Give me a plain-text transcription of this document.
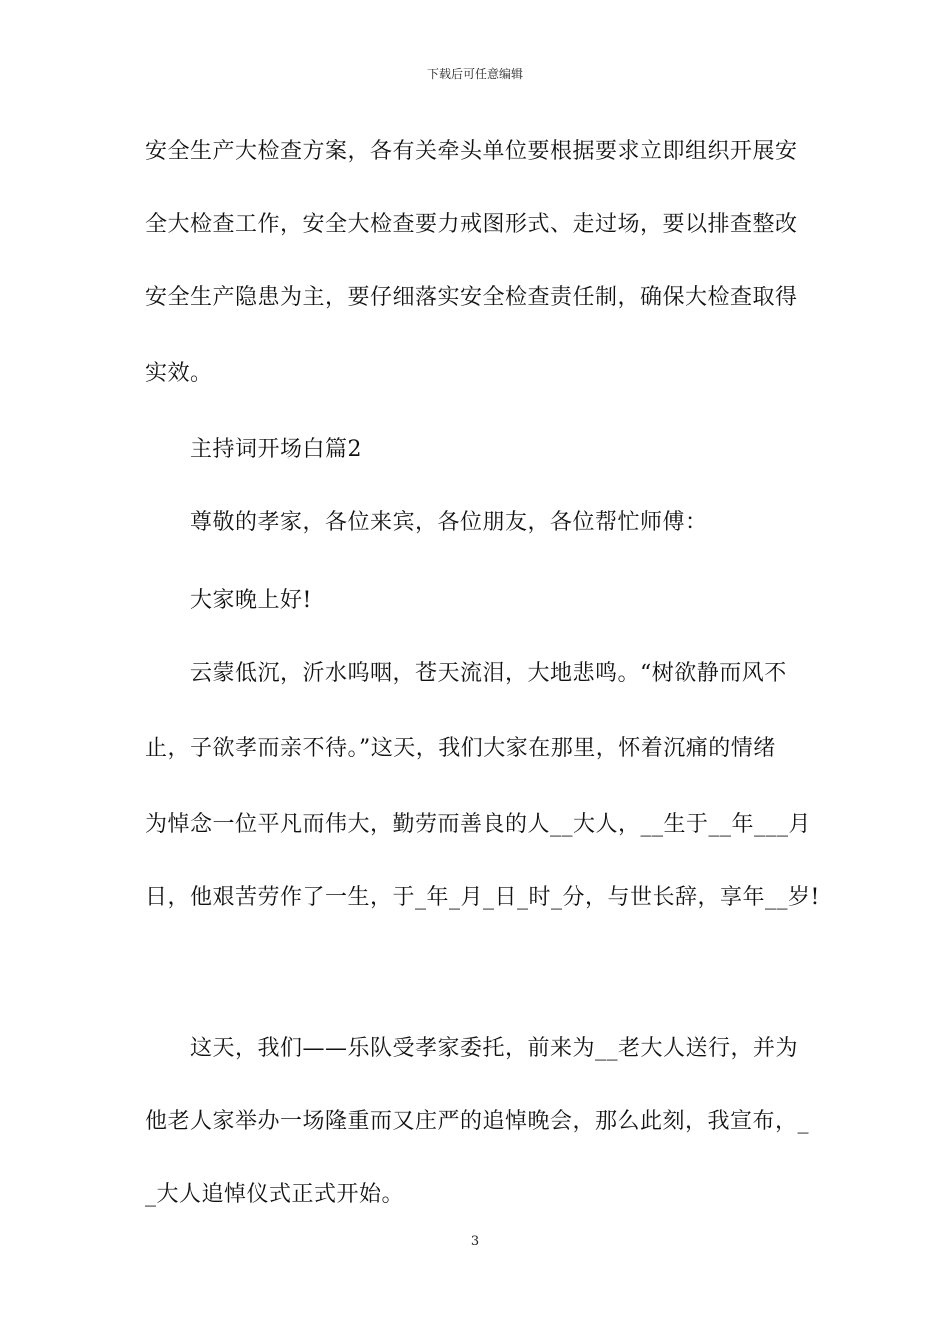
下载后可任意编辑
安全生产大检查方案，各有关牵头单位要根据要求立即组织开展安
全大检查工作，安全大检查要力戒图形式、走过场，要以排查整改
安全生产隐患为主，要仔细落实安全检查责任制，确保大检查取得
实效。
主持词开场白篇2
尊敬的孝家，各位来宾，各位朋友，各位帮忙师傅：
大家晚上好!
云蒙低沉，沂水呜咽，苍天流泪，大地悲鸣。“树欲静而风不
止，子欲孝而亲不待。”这天，我们大家在那里，怀着沉痛的情绪
为悼念一位平凡而伟大，勤劳而善良的人__大人，__生于__年___月
日，他艰苦劳作了一生，于_年_月_日_时_分，与世长辞，享年__岁!
这天，我们——乐队受孝家委托，前来为__老大人送行，并为
他老人家举办一场隆重而又庄严的追悼晚会，那么此刻，我宣布，_
_大人追悼仪式正式开始。
3
